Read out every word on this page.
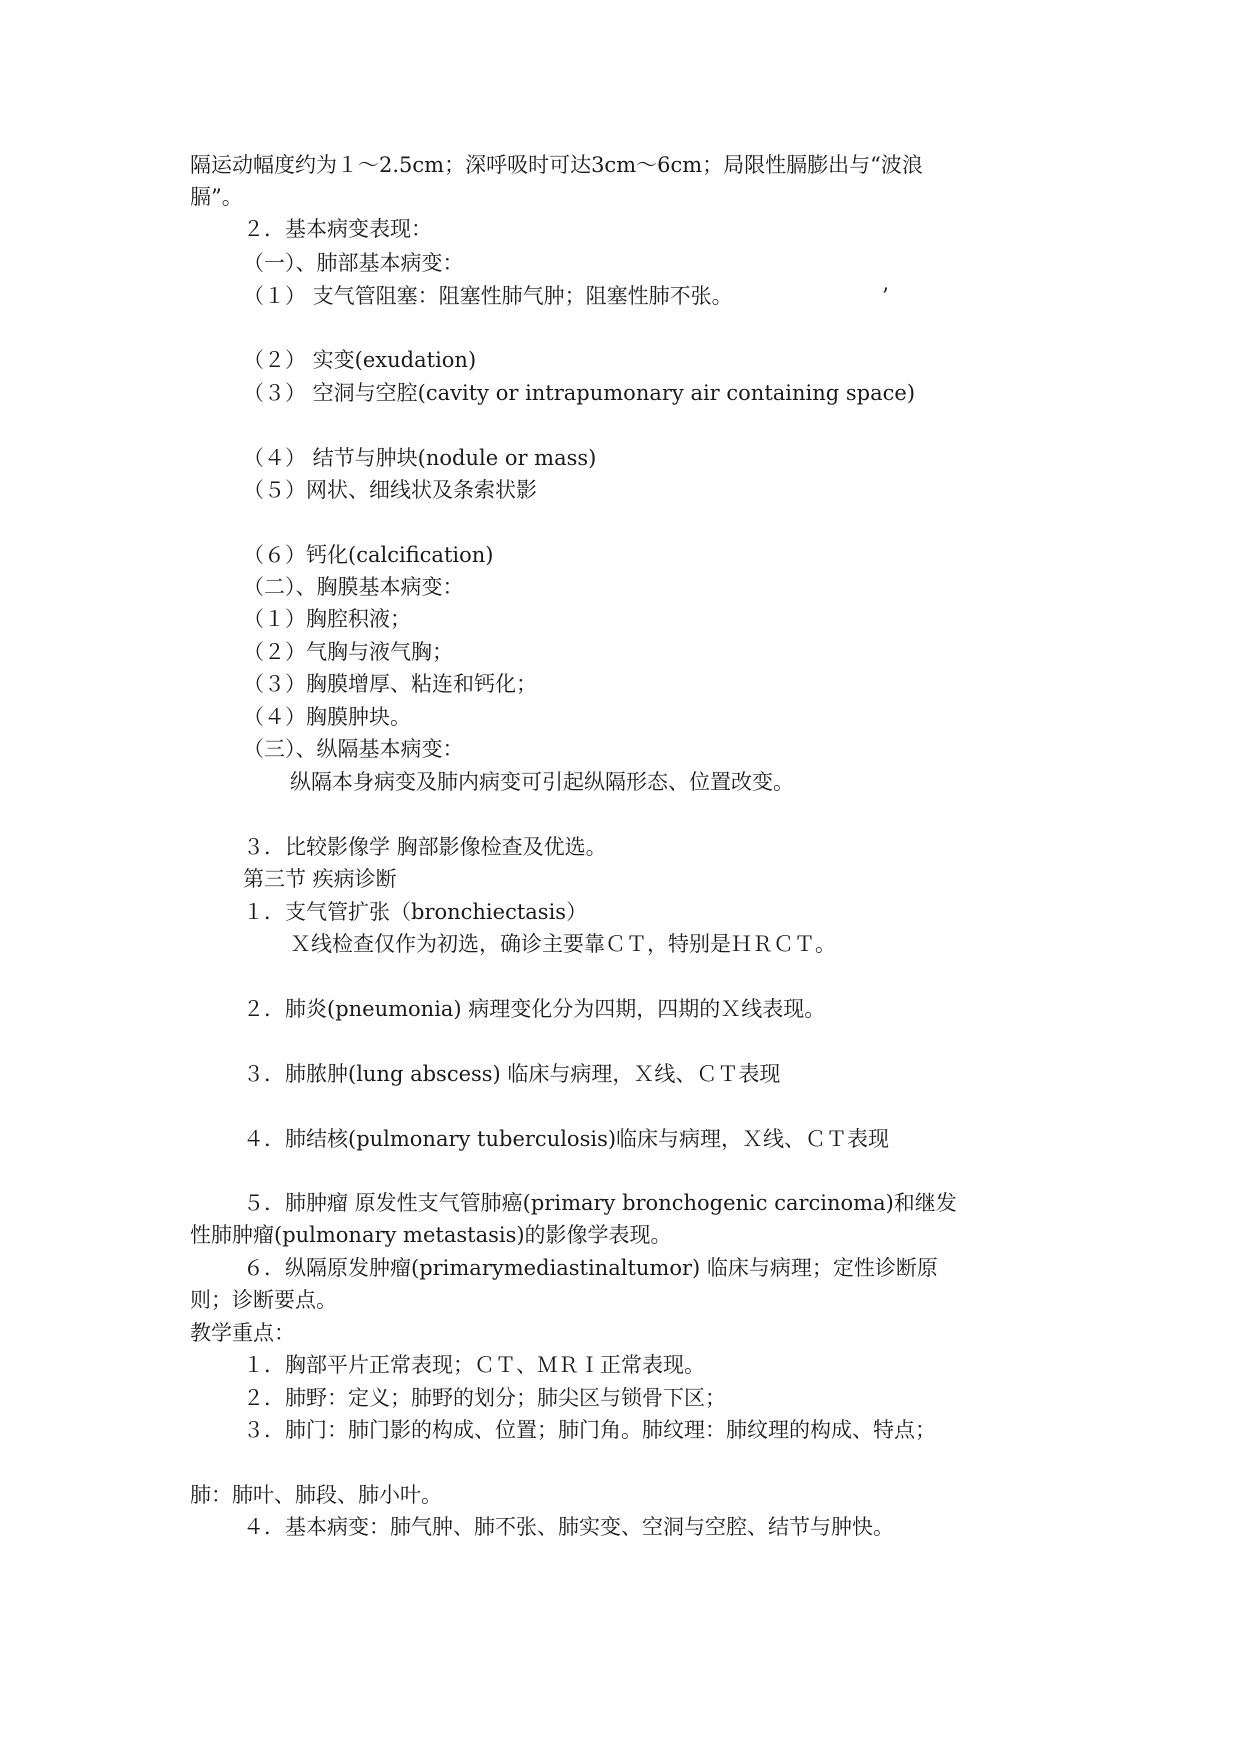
隔运动幅度约为１～2.5cm；深呼吸时可达3cm～6cm；局限性膈膨出与“波浪
膈”。
２．基本病变表现：
（一）、肺部基本病变：
（１） 支气管阻塞：阻塞性肺气肿；阻塞性肺不张。	’
（２） 实变(exudation)
（３） 空洞与空腔(cavity or intrapumonary air containing space)
（４） 结节与肿块(nodule or mass)
（５）网状、细线状及条索状影
（６）钙化(calcification)
（二）、胸膜基本病变：
（１）胸腔积液；
（２）气胸与液气胸；
（３）胸膜增厚、粘连和钙化；
（４）胸膜肿块。
（三）、纵隔基本病变：
纵隔本身病变及肺内病变可引起纵隔形态、位置改变。
３．比较影像学 胸部影像检查及优选。
第三节 疾病诊断
１．支气管扩张（bronchiectasis）
Ｘ线检查仅作为初选，确诊主要靠ＣＴ，特别是ＨＲＣＴ。
２．肺炎(pneumonia) 病理变化分为四期，四期的Ｘ线表现。
３．肺脓肿(lung abscess) 临床与病理，Ｘ线、ＣＴ表现
４．肺结核(pulmonary tuberculosis)临床与病理，Ｘ线、ＣＴ表现
５．肺肿瘤 原发性支气管肺癌(primary bronchogenic carcinoma)和继发
性肺肿瘤(pulmonary metastasis)的影像学表现。
６．纵隔原发肿瘤(primarymediastinaltumor) 临床与病理；定性诊断原
则；诊断要点。
教学重点：
１．胸部平片正常表现；ＣＴ、ＭＲＩ正常表现。
２．肺野：定义；肺野的划分；肺尖区与锁骨下区；
３．肺门：肺门影的构成、位置；肺门角。肺纹理：肺纹理的构成、特点；
肺：肺叶、肺段、肺小叶。
４．基本病变：肺气肿、肺不张、肺实变、空洞与空腔、结节与肿快。
